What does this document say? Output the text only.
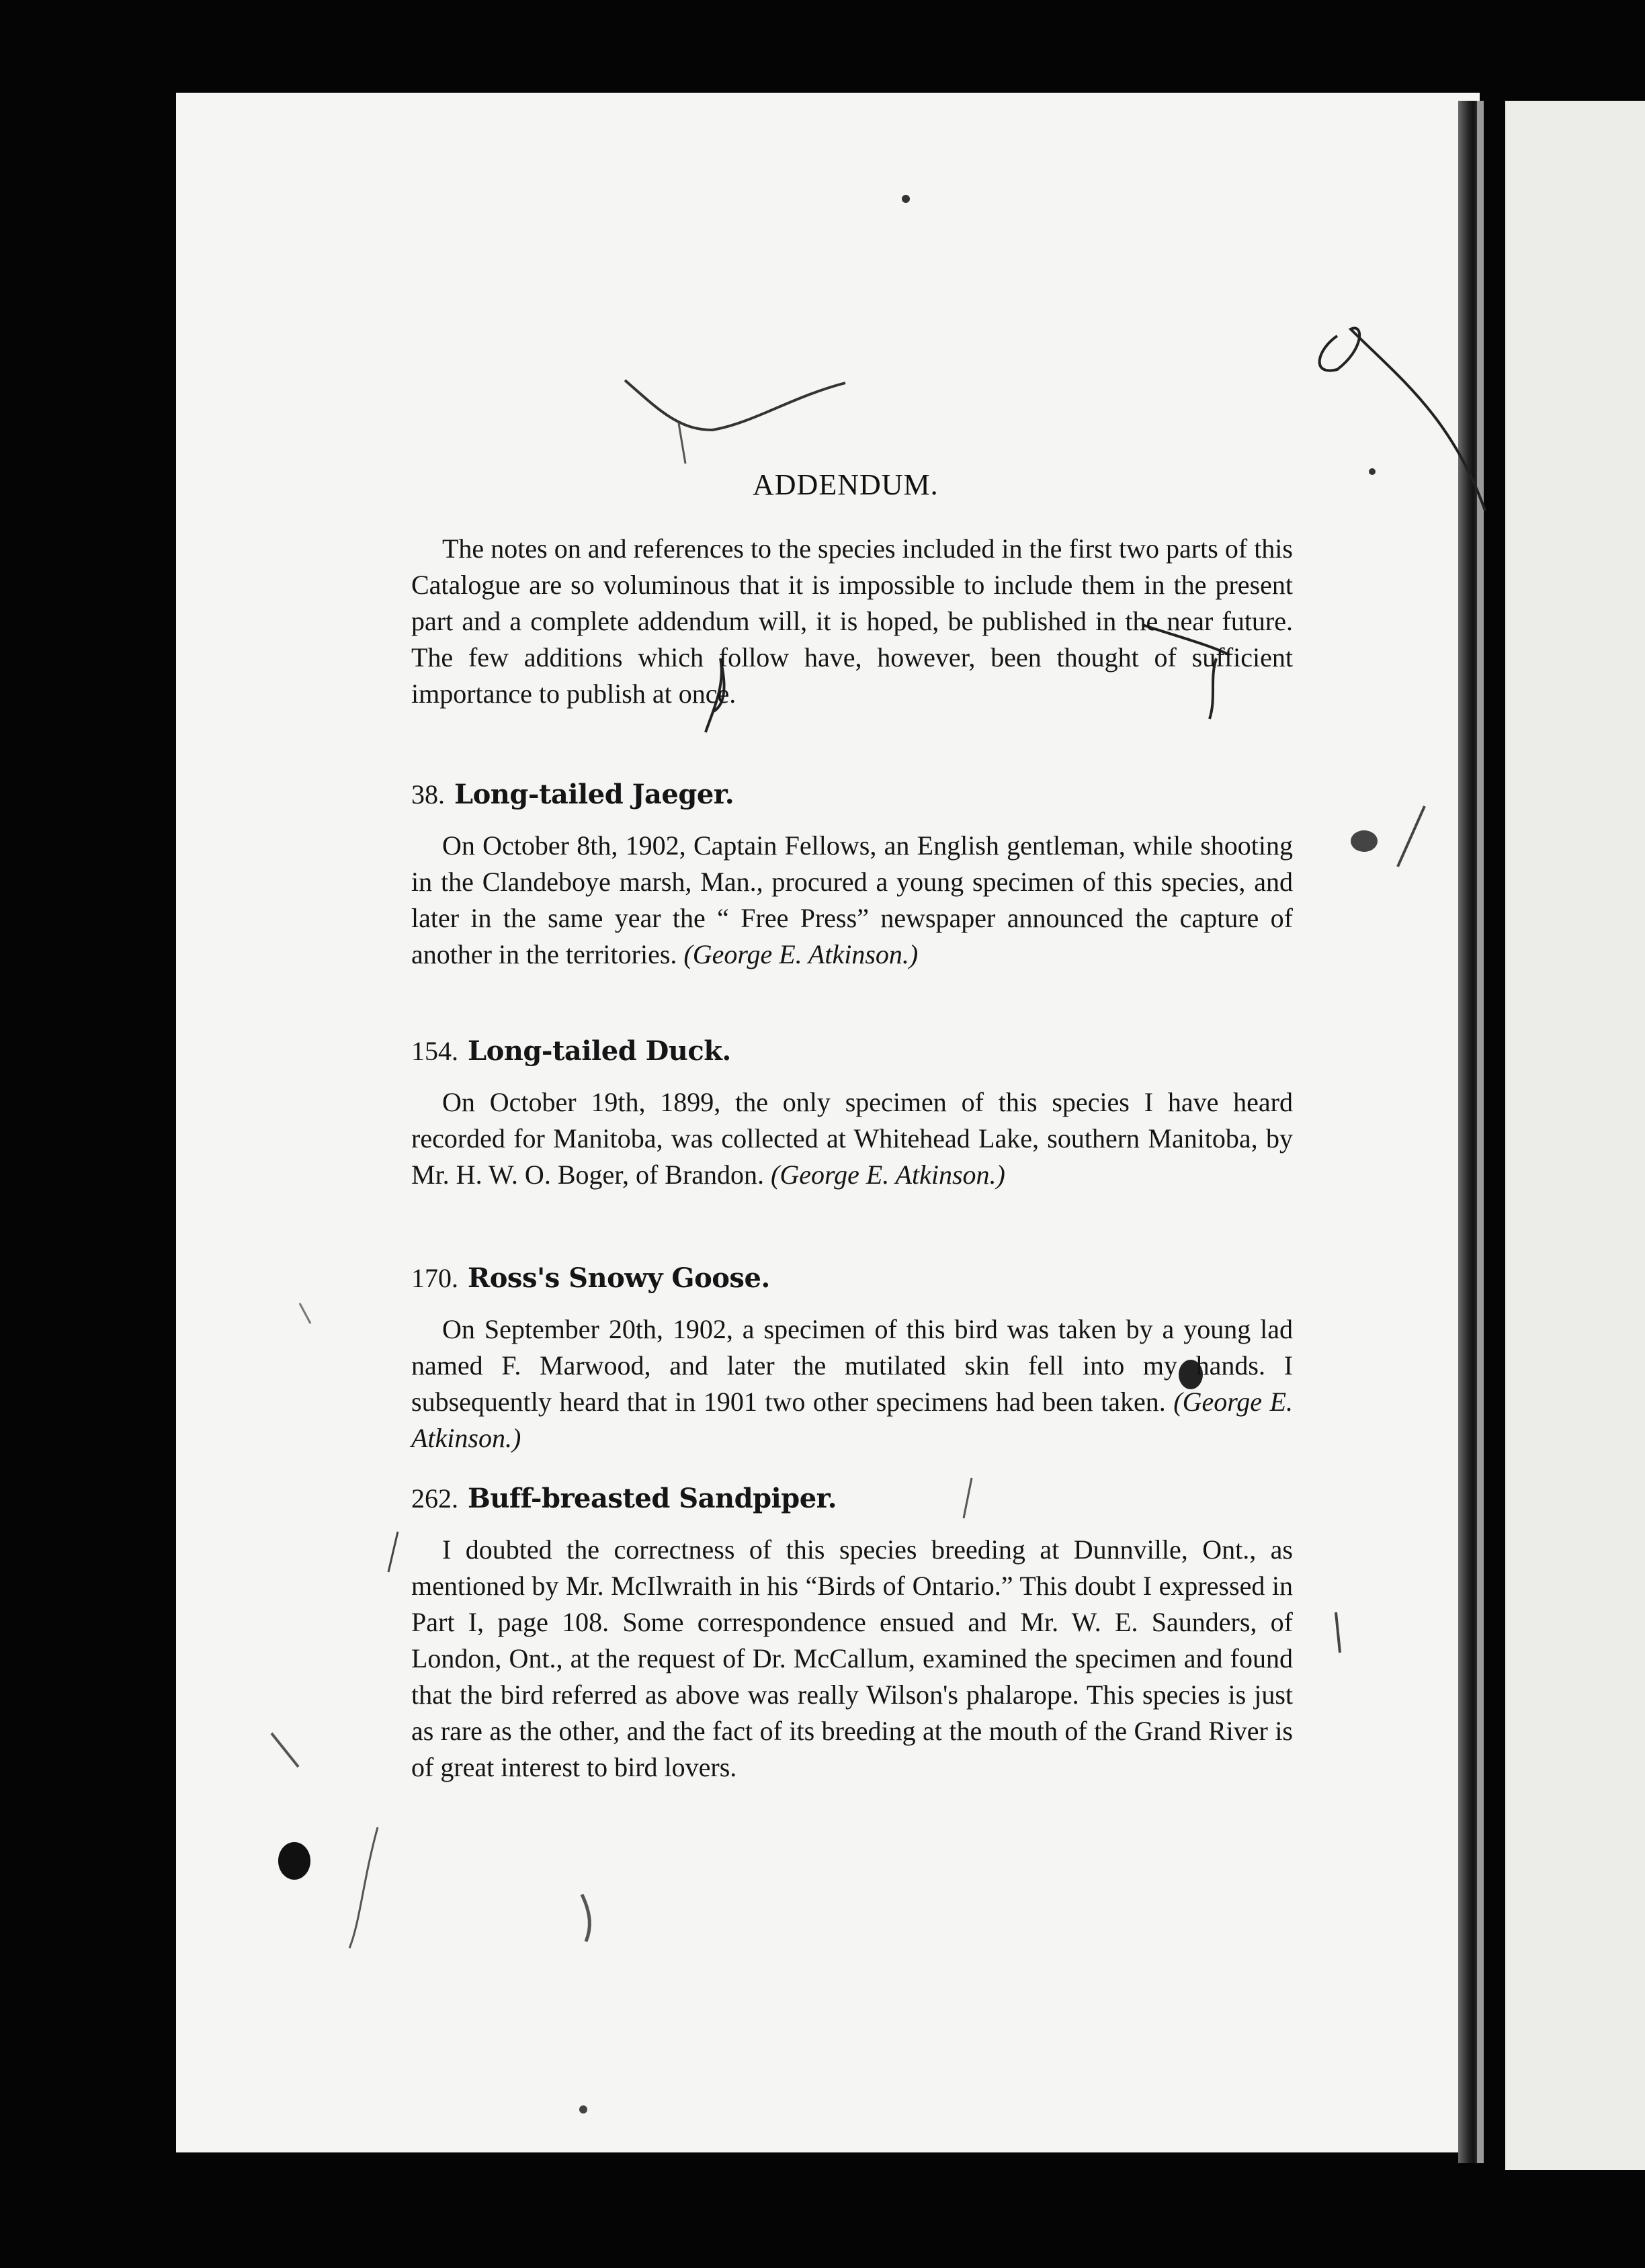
ADDENDUM.

The notes on and references to the species included in the first two parts of this Catalogue are so voluminous that it is impossible to include them in the present part and a complete addendum will, it is hoped, be published in the near future. The few additions which follow have, however, been thought of sufficient importance to publish at once.

38. Long-tailed Jaeger.

On October 8th, 1902, Captain Fellows, an English gentleman, while shooting in the Clandeboye marsh, Man., procured a young specimen of this species, and later in the same year the “ Free Press” newspaper announced the capture of another in the territories. (George E. Atkinson.)

154. Long-tailed Duck.

On October 19th, 1899, the only specimen of this species I have heard recorded for Manitoba, was collected at Whitehead Lake, southern Manitoba, by Mr. H. W. O. Boger, of Brandon. (George E. Atkinson.)

170. Ross's Snowy Goose.

On September 20th, 1902, a specimen of this bird was taken by a young lad named F. Marwood, and later the mutilated skin fell into my hands. I subsequently heard that in 1901 two other specimens had been taken. (George E. Atkinson.)

262. Buff-breasted Sandpiper.

I doubted the correctness of this species breeding at Dunnville, Ont., as mentioned by Mr. McIlwraith in his “Birds of Ontario.” This doubt I expressed in Part I, page 108. Some correspondence ensued and Mr. W. E. Saunders, of London, Ont., at the request of Dr. McCallum, examined the specimen and found that the bird referred as above was really Wilson's phalarope. This species is just as rare as the other, and the fact of its breeding at the mouth of the Grand River is of great interest to bird lovers.
